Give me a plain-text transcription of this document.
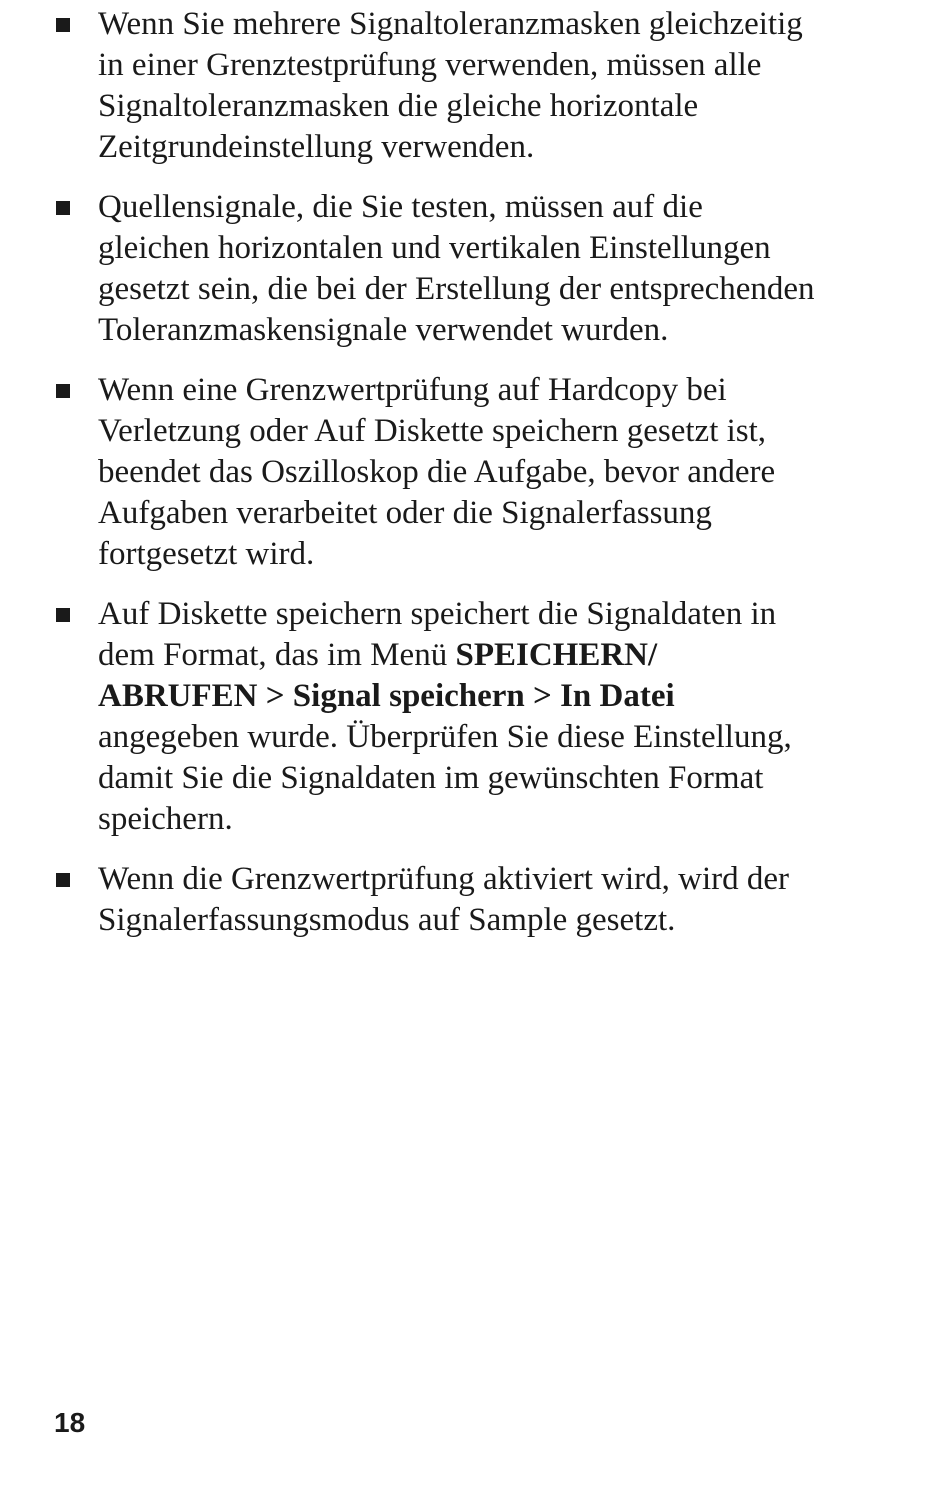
Wenn Sie mehrere Signaltoleranzmasken gleichzeitig
in einer Grenztestprüfung verwenden, müssen alle
Signaltoleranzmasken die gleiche horizontale
Zeitgrundeinstellung verwenden.
Quellensignale, die Sie testen, müssen auf die
gleichen horizontalen und vertikalen Einstellungen
gesetzt sein, die bei der Erstellung der entsprechenden
Toleranzmaskensignale verwendet wurden.
Wenn eine Grenzwertprüfung auf Hardcopy bei
Verletzung oder Auf Diskette speichern gesetzt ist,
beendet das Oszilloskop die Aufgabe, bevor andere
Aufgaben verarbeitet oder die Signalerfassung
fortgesetzt wird.
Auf Diskette speichern speichert die Signaldaten in
dem Format, das im Menü SPEICHERN/
ABRUFEN > Signal speichern > In Datei
angegeben wurde. Überprüfen Sie diese Einstellung,
damit Sie die Signaldaten im gewünschten Format
speichern.
Wenn die Grenzwertprüfung aktiviert wird, wird der
Signalerfassungsmodus auf Sample gesetzt.
18
